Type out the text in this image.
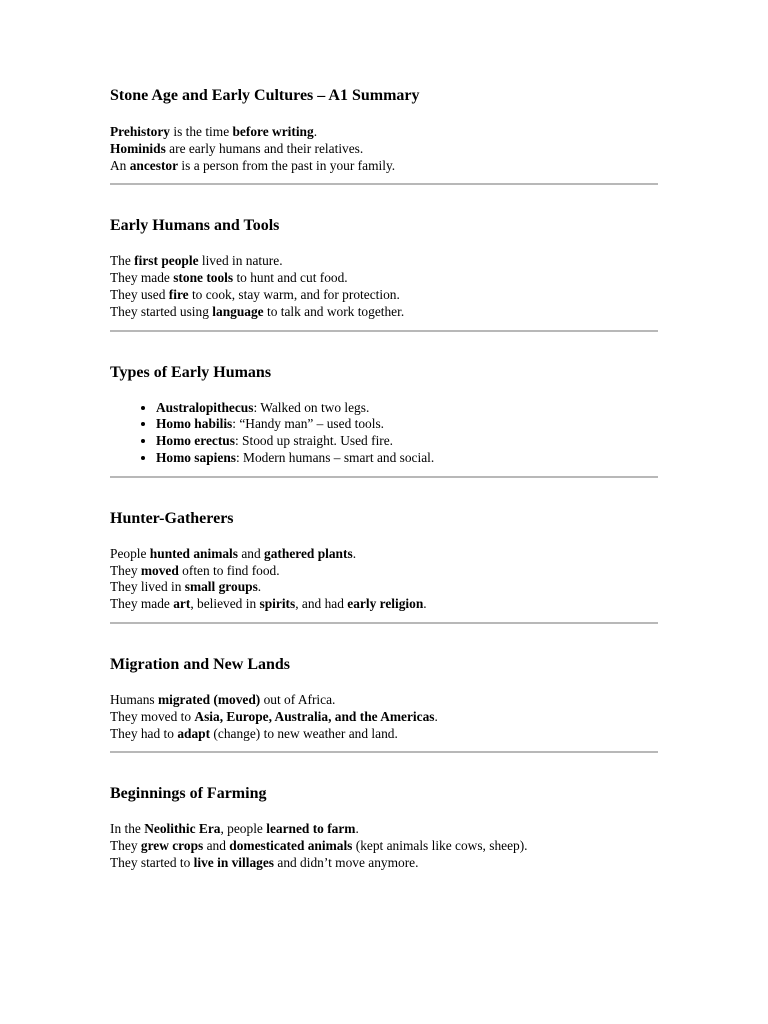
Stone Age and Early Cultures – A1 Summary
Prehistory is the time before writing.
Hominids are early humans and their relatives.
An ancestor is a person from the past in your family.
Early Humans and Tools
The first people lived in nature.
They made stone tools to hunt and cut food.
They used fire to cook, stay warm, and for protection.
They started using language to talk and work together.
Types of Early Humans
• Australopithecus: Walked on two legs.
• Homo habilis: “Handy man” – used tools.
• Homo erectus: Stood up straight. Used fire.
• Homo sapiens: Modern humans – smart and social.
Hunter-Gatherers
People hunted animals and gathered plants.
They moved often to find food.
They lived in small groups.
They made art, believed in spirits, and had early religion.
Migration and New Lands
Humans migrated (moved) out of Africa.
They moved to Asia, Europe, Australia, and the Americas.
They had to adapt (change) to new weather and land.
Beginnings of Farming
In the Neolithic Era, people learned to farm.
They grew crops and domesticated animals (kept animals like cows, sheep).
They started to live in villages and didn’t move anymore.
